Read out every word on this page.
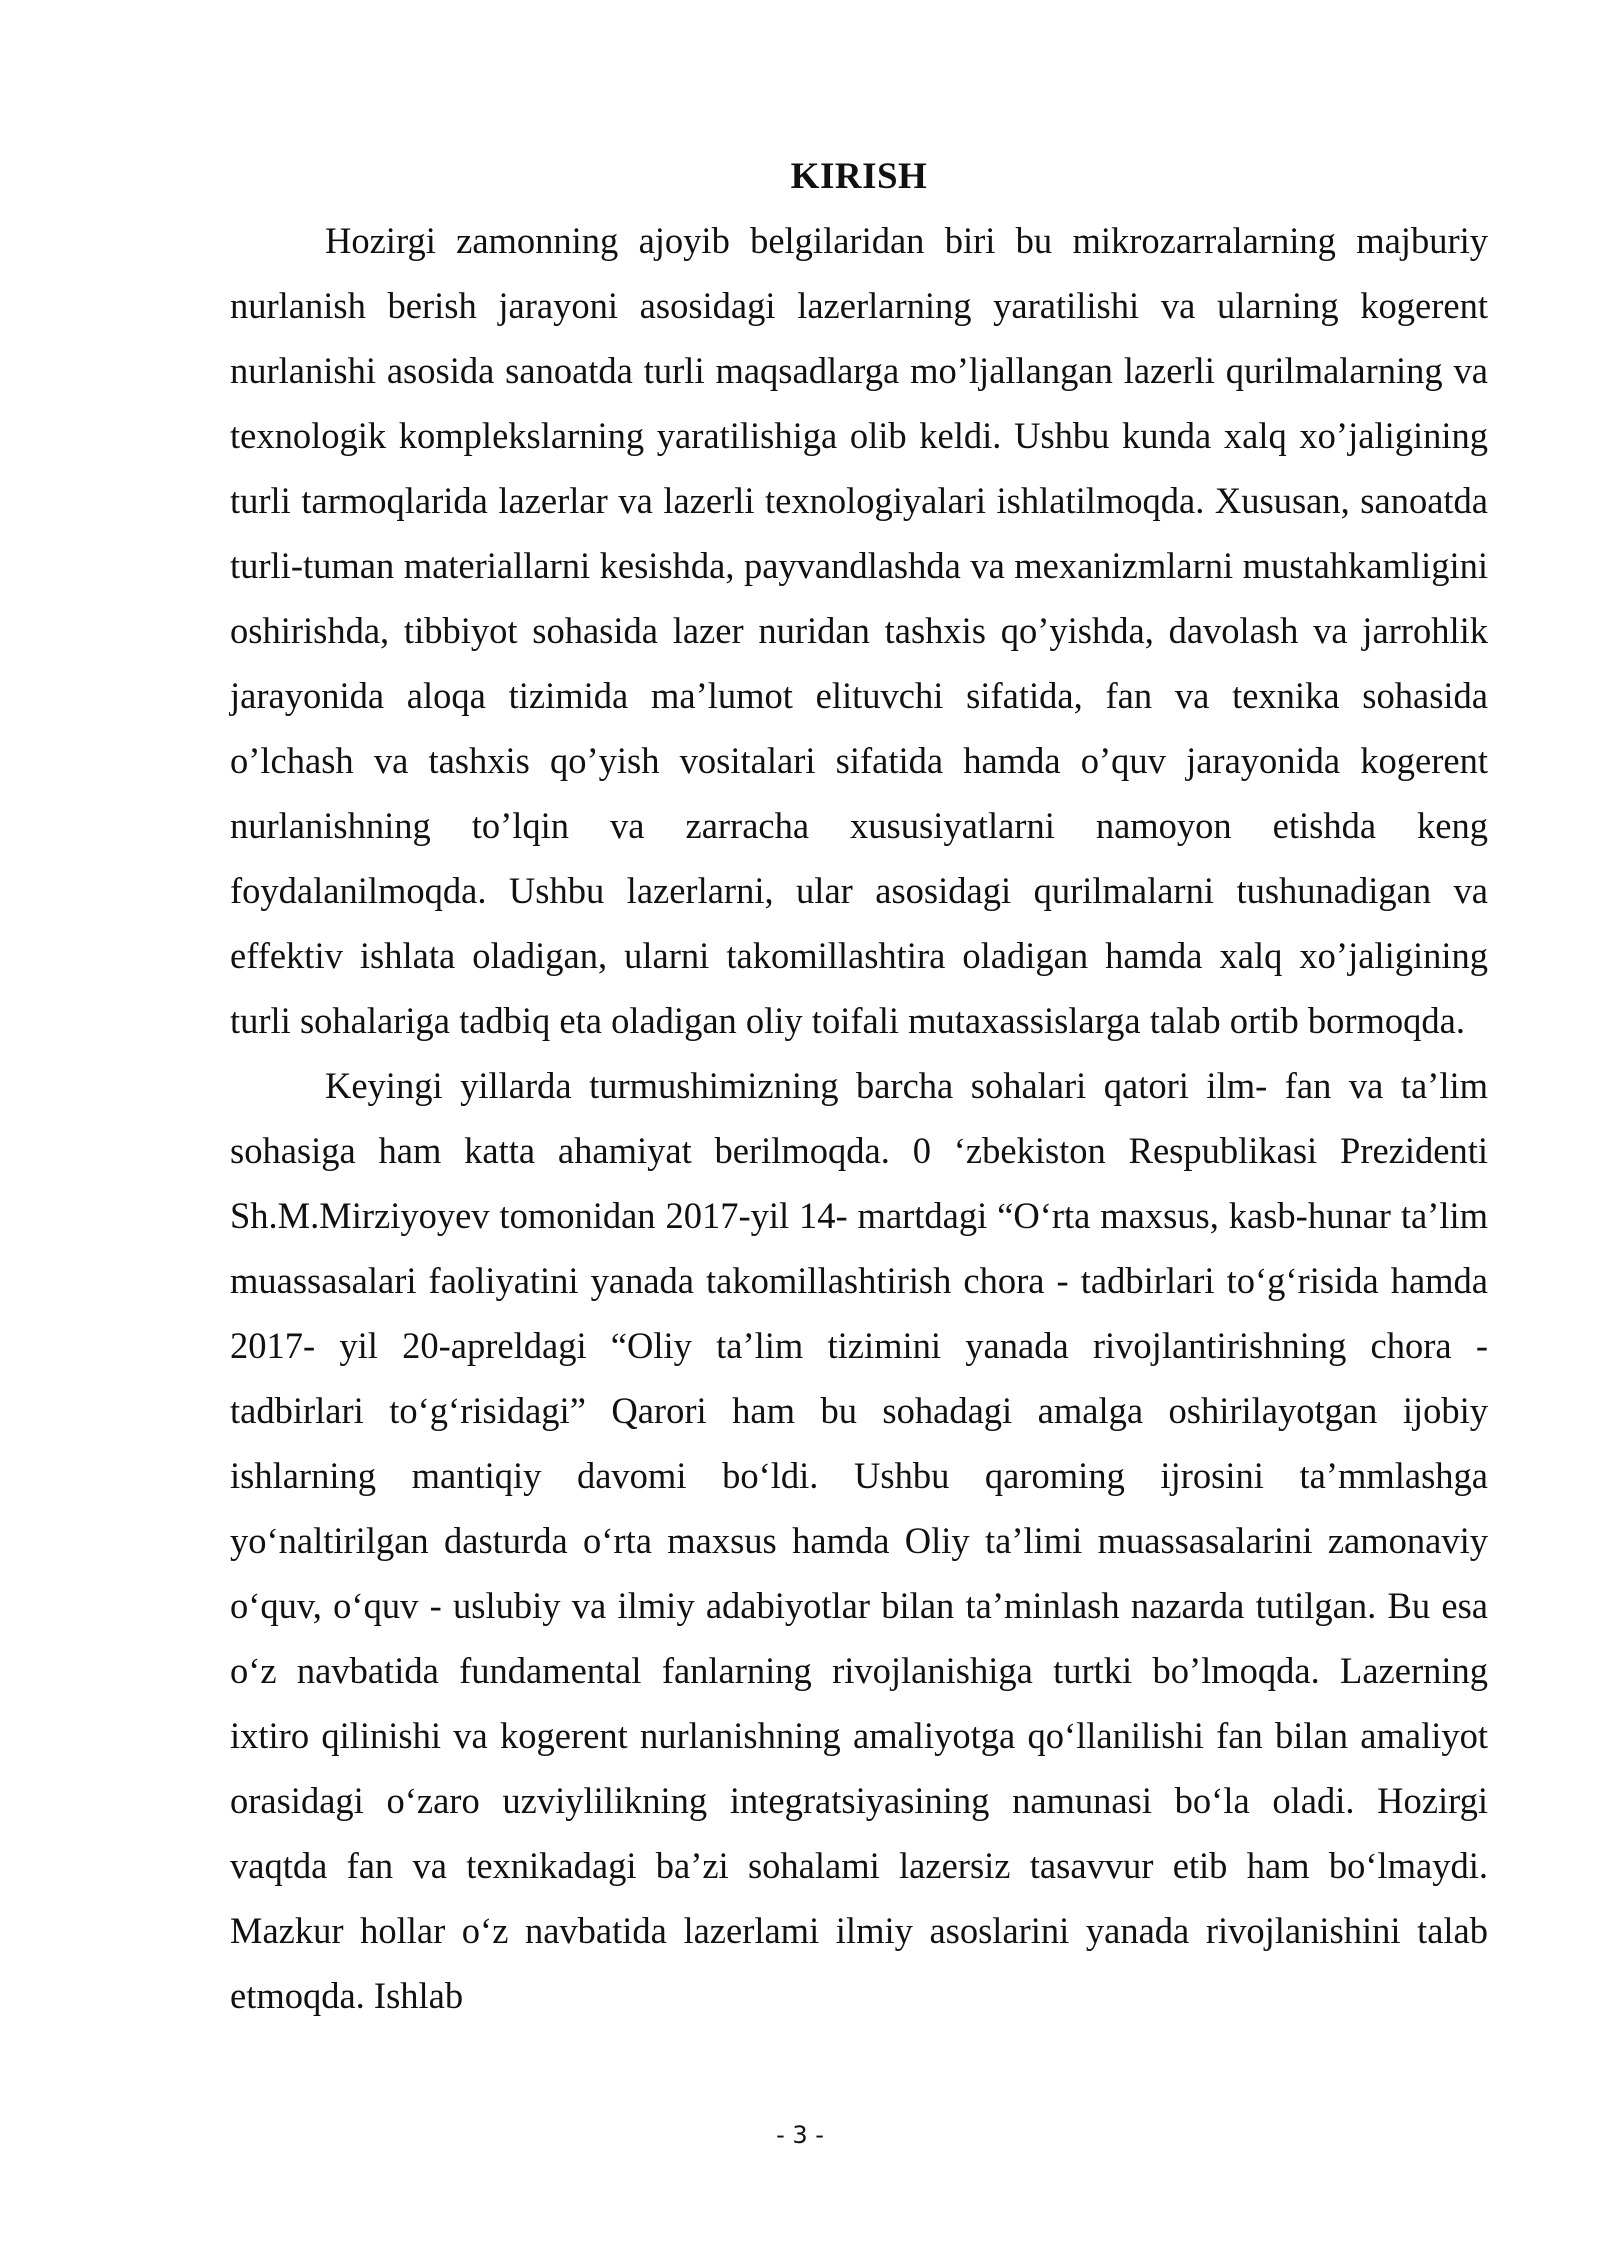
KIRISH

Hozirgi zamonning ajoyib belgilaridan biri bu mikrozarralarning majburiy nurlanish berish jarayoni asosidagi lazerlarning yaratilishi va ularning kogerent nurlanishi asosida sanoatda turli maqsadlarga mo’ljallangan lazerli qurilmalarning va texnologik komplekslarning yaratilishiga olib keldi. Ushbu kunda xalq xo’jaligining turli tarmoqlarida lazerlar va lazerli texnologiyalari ishlatilmoqda. Xususan, sanoatda turli-tuman materiallarni kesishda, payvandlashda va mexanizmlarni mustahkamligini oshirishda, tibbiyot sohasida lazer nuridan tashxis qo’yishda, davolash va jarrohlik jarayonida aloqa tizimida ma’lumot elituvchi sifatida, fan va texnika sohasida o’lchash va tashxis qo’yish vositalari sifatida hamda o’quv jarayonida kogerent nurlanishning to’lqin va zarracha xususiyatlarni namoyon etishda keng foydalanilmoqda. Ushbu lazerlarni, ular asosidagi qurilmalarni tushunadigan va effektiv ishlata oladigan, ularni takomillashtira oladigan hamda xalq xo’jaligining turli sohalariga tadbiq eta oladigan oliy toifali mutaxassislarga talab ortib bormoqda.

Keyingi yillarda turmushimizning barcha sohalari qatori ilm- fan va ta’lim sohasiga ham katta ahamiyat berilmoqda. 0 ‘zbekiston Respublikasi Prezidenti Sh.M.Mirziyoyev tomonidan 2017-yil 14- martdagi “O‘rta maxsus, kasb-hunar ta’lim muassasalari faoliyatini yanada takomillashtirish chora - tadbirlari to‘g‘risida hamda 2017- yil 20-apreldagi “Oliy ta’lim tizimini yanada rivojlantirishning chora - tadbirlari to‘g‘risidagi” Qarori ham bu sohadagi amalga oshirilayotgan ijobiy ishlarning mantiqiy davomi bo‘ldi. Ushbu qaroming ijrosini ta’mmlashga yo‘naltirilgan dasturda o‘rta maxsus hamda Oliy ta’limi muassasalarini zamonaviy o‘quv, o‘quv - uslubiy va ilmiy adabiyotlar bilan ta’minlash nazarda tutilgan. Bu esa o‘z navbatida fundamental fanlarning rivojlanishiga turtki bo’lmoqda. Lazerning ixtiro qilinishi va kogerent nurlanishning amaliyotga qo‘llanilishi fan bilan amaliyot orasidagi o‘zaro uzviylilikning integratsiyasining namunasi bo‘la oladi. Hozirgi vaqtda fan va texnikadagi ba’zi sohalami lazersiz tasavvur etib ham bo‘lmaydi. Mazkur hollar o‘z navbatida lazerlami ilmiy asoslarini yanada rivojlanishini talab etmoqda. Ishlab

- 3 -
